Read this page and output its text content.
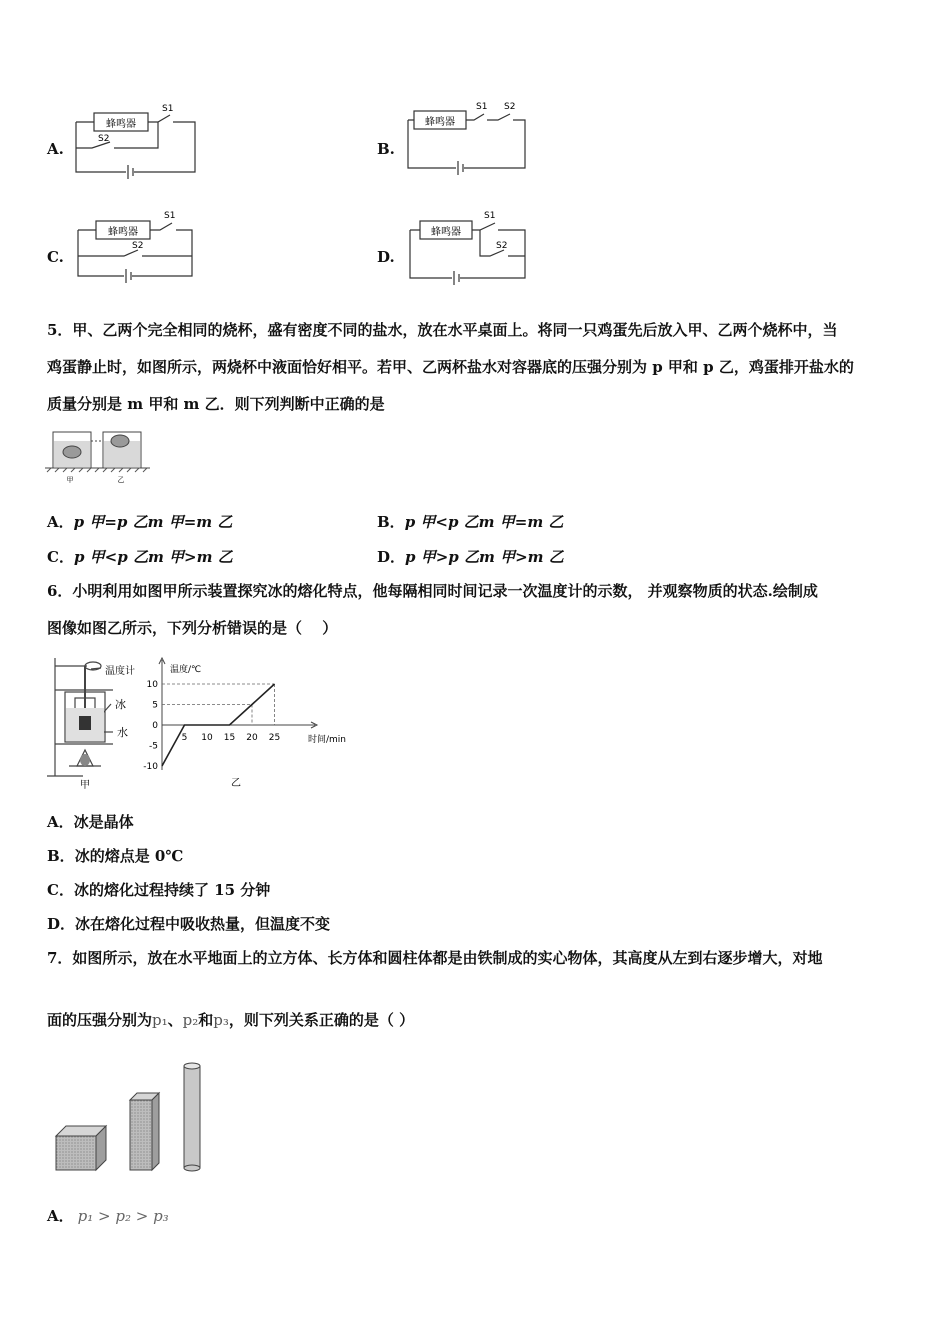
A.
蜂鸣器
S1
S2
B.
蜂鸣器
S1 S2
C.
蜂鸣器
S1
S2
D.
蜂鸣器
S1
S2
5．甲、乙两个完全相同的烧杯，盛有密度不同的盐水，放在水平桌面上。将同一只鸡蛋先后放入甲、乙两个烧杯中，当
鸡蛋静止时，如图所示，两烧杯中液面恰好相平。若甲、乙两杯盐水对容器底的压强分别为 p 甲和 p 乙，鸡蛋排开盐水的
质量分别是 m 甲和 m 乙．则下列判断中正确的是
甲	乙
A．p 甲=p 乙m 甲=m 乙	B．p 甲<p 乙m 甲=m 乙
C．p 甲<p 乙m 甲>m 乙	D．p 甲>p 乙m 甲>m 乙
6．小明利用如图甲所示装置探究冰的熔化特点，他每隔相同时间记录一次温度计的示数， 并观察物质的状态.绘制成
图像如图乙所示，下列分析错误的是（　 ）
温度计
冰
水
甲
5 10 15 20 25
10
5
0
-5
-10
温度/℃
时间/min
乙
A．冰是晶体
B．冰的熔点是 0℃
C．冰的熔化过程持续了 15 分钟
D．冰在熔化过程中吸收热量，但温度不变
7．如图所示，放在水平地面上的立方体、长方体和圆柱体都是由铁制成的实心物体，其高度从左到右逐步增大，对地
面的压强分别为p₁、p₂和p₃，则下列关系正确的是（ ）
A． p₁ > p₂ > p₃
